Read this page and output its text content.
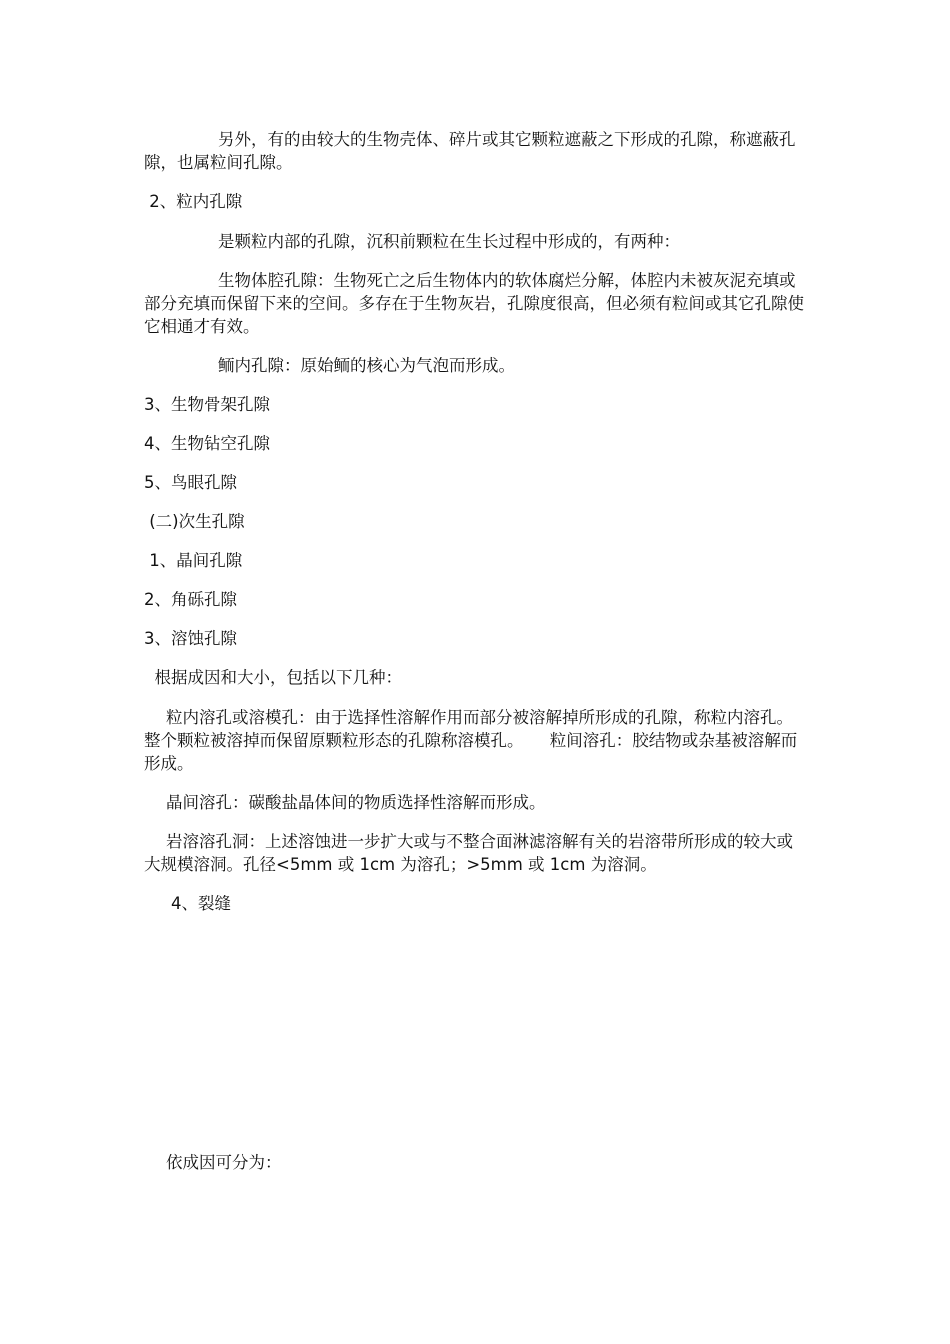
另外，有的由较大的生物壳体、碎片或其它颗粒遮蔽之下形成的孔隙，称遮蔽孔隙，也属粒间孔隙。

2、粒内孔隙

是颗粒内部的孔隙，沉积前颗粒在生长过程中形成的，有两种：

生物体腔孔隙：生物死亡之后生物体内的软体腐烂分解，体腔内未被灰泥充填或部分充填而保留下来的空间。多存在于生物灰岩，孔隙度很高，但必须有粒间或其它孔隙使它相通才有效。

鲕内孔隙：原始鲕的核心为气泡而形成。

3、生物骨架孔隙

4、生物钻空孔隙

5、鸟眼孔隙

(二)次生孔隙

1、晶间孔隙

2、角砾孔隙

3、溶蚀孔隙

根据成因和大小，包括以下几种：

粒内溶孔或溶模孔：由于选择性溶解作用而部分被溶解掉所形成的孔隙，称粒内溶孔。整个颗粒被溶掉而保留原颗粒形态的孔隙称溶模孔。     粒间溶孔：胶结物或杂基被溶解而形成。

晶间溶孔：碳酸盐晶体间的物质选择性溶解而形成。

岩溶溶孔洞：上述溶蚀进一步扩大或与不整合面淋滤溶解有关的岩溶带所形成的较大或大规模溶洞。孔径<5mm 或 1cm 为溶孔；>5mm 或 1cm 为溶洞。

4、裂缝

依成因可分为：
